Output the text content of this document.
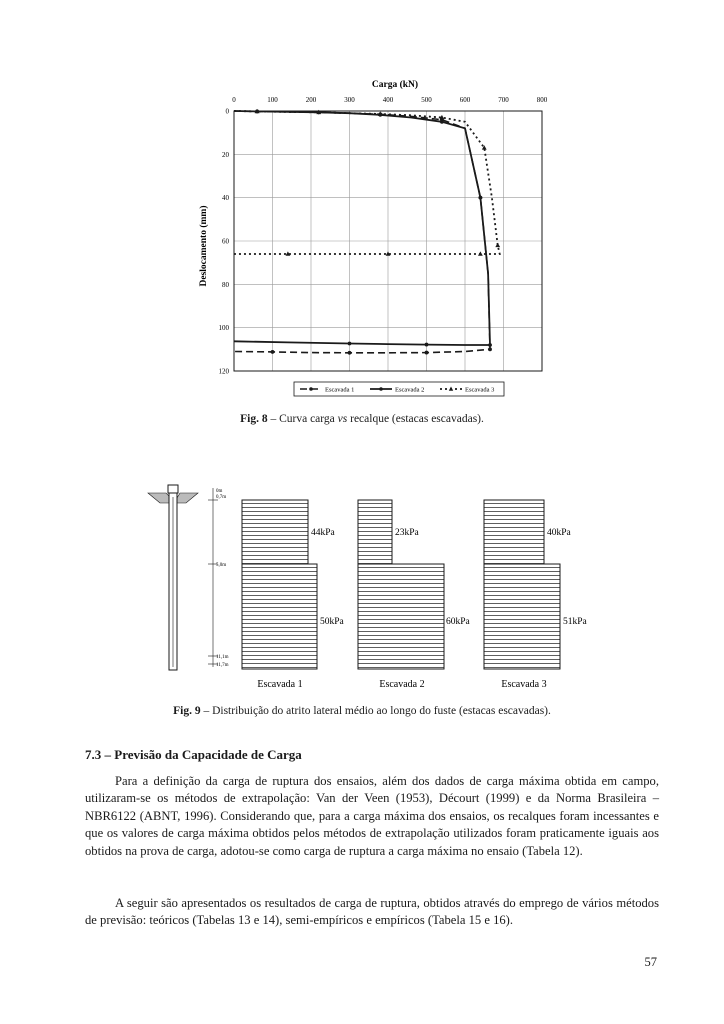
Carga (kN)
0	100	200	300	400	500	600	700	800
0
20
40
60
80
100
120
Deslocamento (mm)
Escavada 1	Escavada 2	Escavada 3
Fig. 8 – Curva carga vs recalque (estacas escavadas).
0m
0,7m
5,0m
11,1m
11,7m
44kPa
50kPa
Escavada 1
23kPa
60kPa
Escavada 2
40kPa
51kPa
Escavada 3
Fig. 9 – Distribuição do atrito lateral médio ao longo do fuste (estacas escavadas).
7.3 – Previsão da Capacidade de Carga

Para a definição da carga de ruptura dos ensaios, além dos dados de carga máxima obtida em campo, utilizaram-se os métodos de extrapolação: Van der Veen (1953), Décourt (1999) e da Norma Brasileira – NBR6122 (ABNT, 1996). Considerando que, para a carga máxima dos ensaios, os recalques foram incessantes e que os valores de carga máxima obtidos pelos métodos de extrapolação utilizados foram praticamente iguais aos obtidos na prova de carga, adotou-se como carga de ruptura a carga máxima no ensaio (Tabela 12).

A seguir são apresentados os resultados de carga de ruptura, obtidos através do emprego de vários métodos de previsão: teóricos (Tabelas 13 e 14), semi-empíricos e empíricos (Tabela 15 e 16).

57
